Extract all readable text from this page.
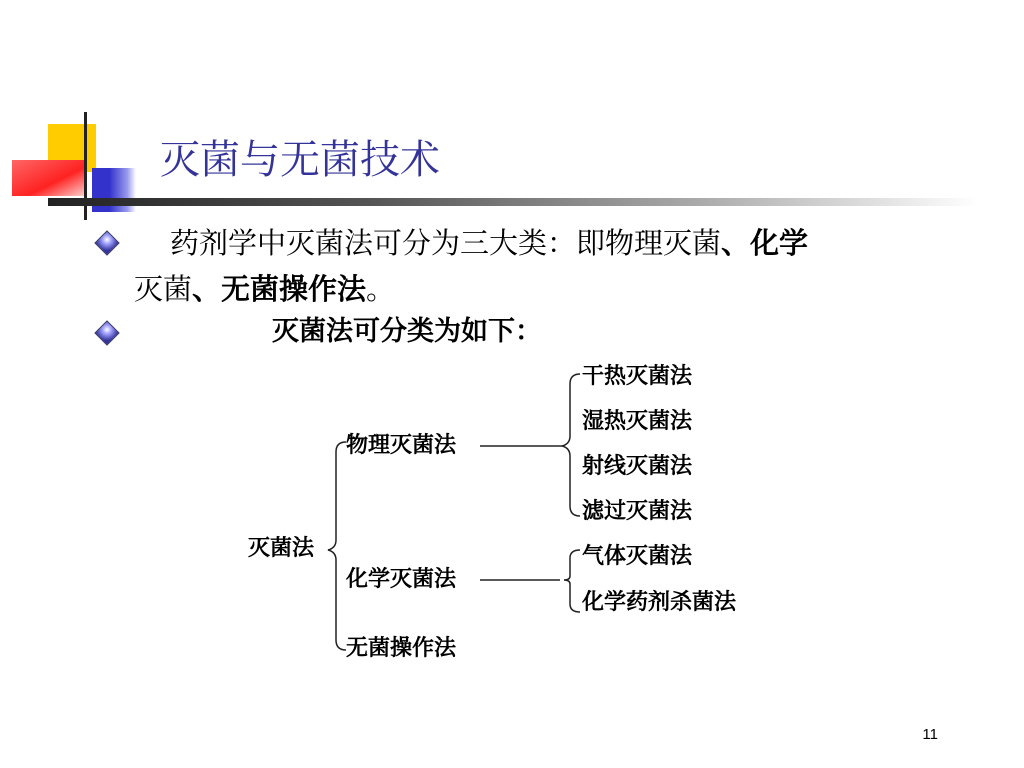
灭菌与无菌技术
药剂学中灭菌法可分为三大类：即物理灭菌、化学
灭菌、无菌操作法。
灭菌法可分类为如下：
灭菌法
物理灭菌法
化学灭菌法
无菌操作法
干热灭菌法
湿热灭菌法
射线灭菌法
滤过灭菌法
气体灭菌法
化学药剂杀菌法
11
